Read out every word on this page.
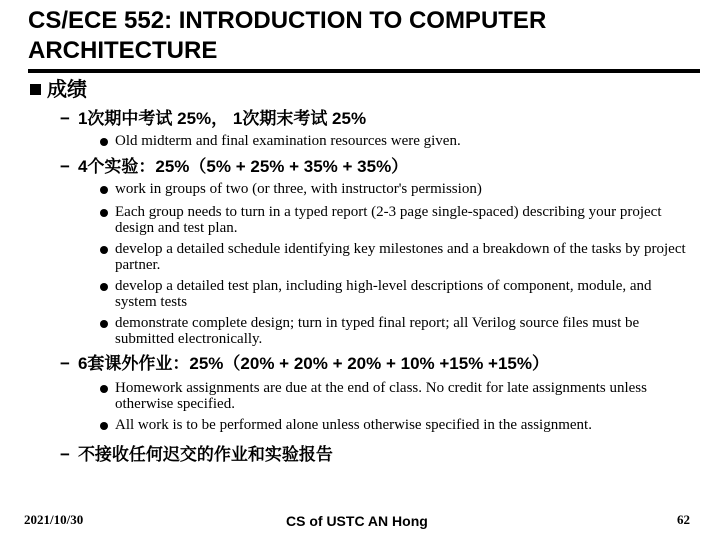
CS/ECE 552: INTRODUCTION TO COMPUTER
ARCHITECTURE
成绩
− 1次期中考试 25%， 1次期末考试 25%
Old midterm and final examination resources were given.
− 4个实验：25%（5% + 25% + 35% + 35%）
work in groups of two (or three, with instructor's permission)
Each group needs to turn in a typed report (2-3 page single-spaced) describing your project design and test plan.
develop a detailed schedule identifying key milestones and a breakdown of the tasks by project partner.
develop a detailed test plan, including high-level descriptions of component, module, and system tests
demonstrate complete design; turn in typed final report; all Verilog source files must be submitted electronically.
− 6套课外作业：25%（20% + 20% + 20% + 10% +15% +15%）
Homework assignments are due at the end of class. No credit for late assignments unless otherwise specified.
All work is to be performed alone unless otherwise specified in the assignment.
− 不接收任何迟交的作业和实验报告
2021/10/30	CS of USTC AN Hong	62
